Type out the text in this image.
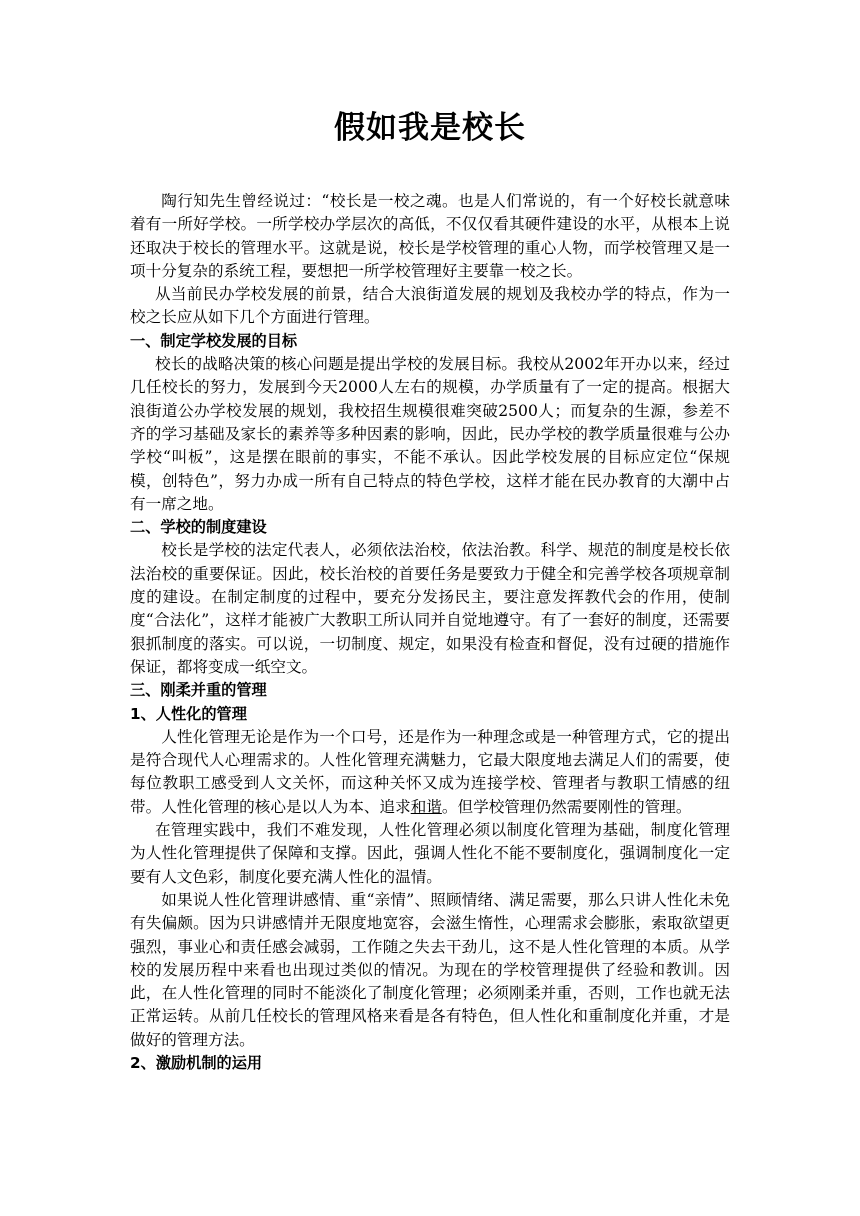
假如我是校长

陶行知先生曾经说过：“校长是一校之魂。也是人们常说的，有一个好校长就意味着有一所好学校。一所学校办学层次的高低，不仅仅看其硬件建设的水平，从根本上说还取决于校长的管理水平。这就是说，校长是学校管理的重心人物，而学校管理又是一项十分复杂的系统工程，要想把一所学校管理好主要靠一校之长。

从当前民办学校发展的前景，结合大浪街道发展的规划及我校办学的特点，作为一校之长应从如下几个方面进行管理。

一、制定学校发展的目标

校长的战略决策的核心问题是提出学校的发展目标。我校从2002年开办以来，经过几任校长的努力，发展到今天2000人左右的规模，办学质量有了一定的提高。根据大浪街道公办学校发展的规划，我校招生规模很难突破2500人；而复杂的生源，参差不齐的学习基础及家长的素养等多种因素的影响，因此，民办学校的教学质量很难与公办学校“叫板”，这是摆在眼前的事实，不能不承认。因此学校发展的目标应定位“保规模，创特色”，努力办成一所有自己特点的特色学校，这样才能在民办教育的大潮中占有一席之地。

二、学校的制度建设

校长是学校的法定代表人，必须依法治校，依法治教。科学、规范的制度是校长依法治校的重要保证。因此，校长治校的首要任务是要致力于健全和完善学校各项规章制度的建设。在制定制度的过程中，要充分发扬民主，要注意发挥教代会的作用，使制度“合法化”，这样才能被广大教职工所认同并自觉地遵守。有了一套好的制度，还需要狠抓制度的落实。可以说，一切制度、规定，如果没有检查和督促，没有过硬的措施作保证，都将变成一纸空文。

三、刚柔并重的管理
1、人性化的管理

人性化管理无论是作为一个口号，还是作为一种理念或是一种管理方式，它的提出是符合现代人心理需求的。人性化管理充满魅力，它最大限度地去满足人们的需要，使每位教职工感受到人文关怀，而这种关怀又成为连接学校、管理者与教职工情感的纽带。人性化管理的核心是以人为本、追求和谐。但学校管理仍然需要刚性的管理。

在管理实践中，我们不难发现，人性化管理必须以制度化管理为基础，制度化管理为人性化管理提供了保障和支撑。因此，强调人性化不能不要制度化，强调制度化一定要有人文色彩，制度化要充满人性化的温情。

如果说人性化管理讲感情、重“亲情”、照顾情绪、满足需要，那么只讲人性化未免有失偏颇。因为只讲感情并无限度地宽容，会滋生惰性，心理需求会膨胀，索取欲望更强烈，事业心和责任感会减弱，工作随之失去干劲儿，这不是人性化管理的本质。从学校的发展历程中来看也出现过类似的情况。为现在的学校管理提供了经验和教训。因此，在人性化管理的同时不能淡化了制度化管理；必须刚柔并重，否则，工作也就无法正常运转。从前几任校长的管理风格来看是各有特色，但人性化和重制度化并重，才是做好的管理方法。

2、激励机制的运用
